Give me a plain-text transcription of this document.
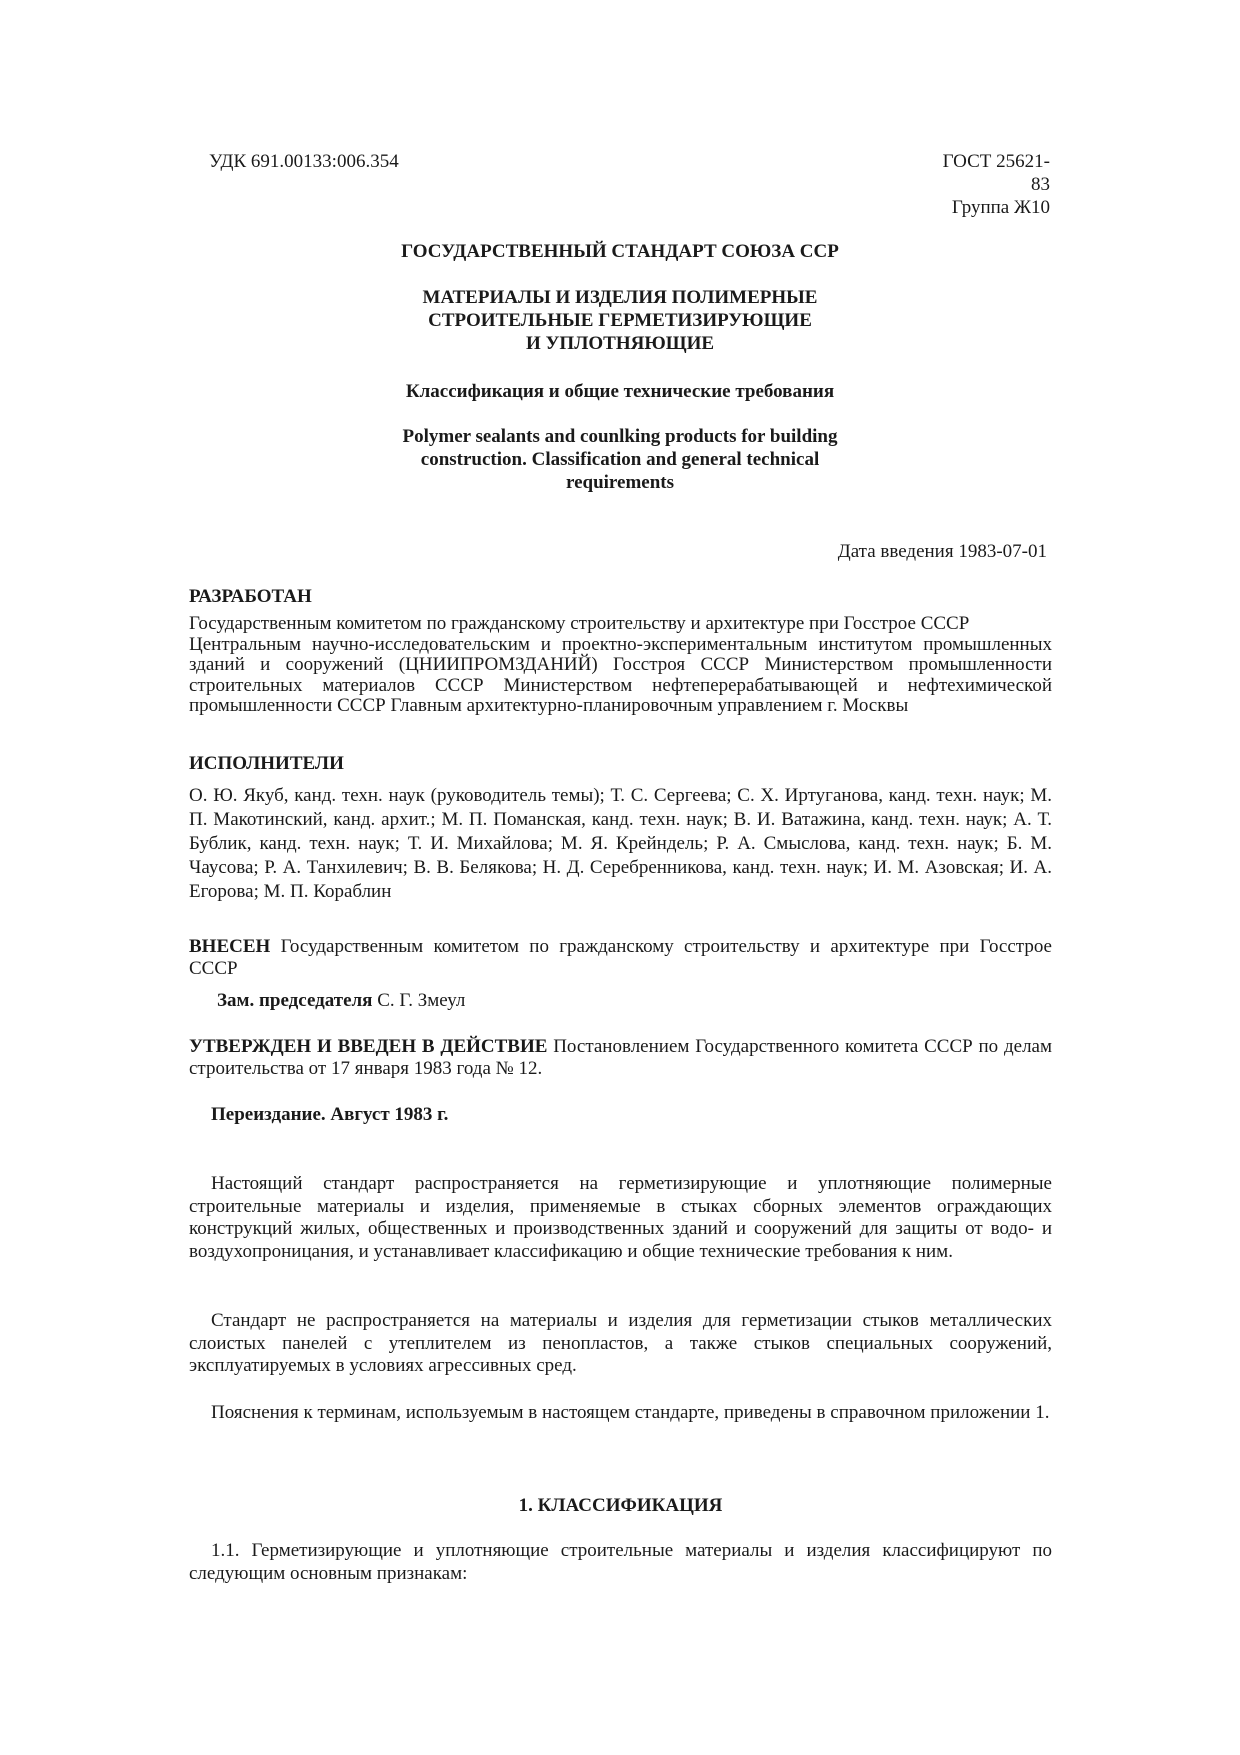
УДК 691.00133:006.354	ГОСТ 25621-
83
Группа Ж10
ГОСУДАРСТВЕННЫЙ СТАНДАРТ СОЮЗА ССР
МАТЕРИАЛЫ И ИЗДЕЛИЯ ПОЛИМЕРНЫЕ
СТРОИТЕЛЬНЫЕ ГЕРМЕТИЗИРУЮЩИЕ
И УПЛОТНЯЮЩИЕ
Классификация и общие технические требования
Polymer sealants and counlking products for building
construction. Classification and general technical
requirements
Дата введения 1983-07-01
РАЗРАБОТАН
Государственным комитетом по гражданскому строительству и архитектуре при Госстрое СССР
Центральным научно-исследовательским и проектно-экспериментальным институтом промышленных зданий и сооружений (ЦНИИПРОМЗДАНИЙ) Госстроя СССР Министерством промышленности строительных материалов СССР Министерством нефтеперерабатывающей и нефтехимической промышленности СССР Главным архитектурно-планировочным управлением г. Москвы
ИСПОЛНИТЕЛИ
О. Ю. Якуб, канд. техн. наук (руководитель темы); Т. С. Сергеева; С. Х. Иртуганова, канд. техн. наук; М. П. Макотинский, канд. архит.; М. П. Поманская, канд. техн. наук; В. И. Ватажина, канд. техн. наук; А. Т. Бублик, канд. техн. наук; Т. И. Михайлова; М. Я. Крейндель; Р. А. Смыслова, канд. техн. наук; Б. М. Чаусова; Р. А. Танхилевич; В. В. Белякова; Н. Д. Серебренникова, канд. техн. наук; И. М. Азовская; И. А. Егорова; М. П. Кораблин
ВНЕСЕН Государственным комитетом по гражданскому строительству и архитектуре при Госстрое СССР
Зам. председателя С. Г. Змеул
УТВЕРЖДЕН И ВВЕДЕН В ДЕЙСТВИЕ Постановлением Государственного комитета СССР по делам строительства от 17 января 1983 года № 12.
Переиздание. Август 1983 г.
Настоящий стандарт распространяется на герметизирующие и уплотняющие полимерные строительные материалы и изделия, применяемые в стыках сборных элементов ограждающих конструкций жилых, общественных и производственных зданий и сооружений для защиты от водо- и воздухопроницания, и устанавливает классификацию и общие технические требования к ним.
Стандарт не распространяется на материалы и изделия для герметизации стыков металлических слоистых панелей с утеплителем из пенопластов, а также стыков специальных сооружений, эксплуатируемых в условиях агрессивных сред.
Пояснения к терминам, используемым в настоящем стандарте, приведены в справочном приложении 1.
1. КЛАССИФИКАЦИЯ
1.1. Герметизирующие и уплотняющие строительные материалы и изделия классифицируют по следующим основным признакам:
